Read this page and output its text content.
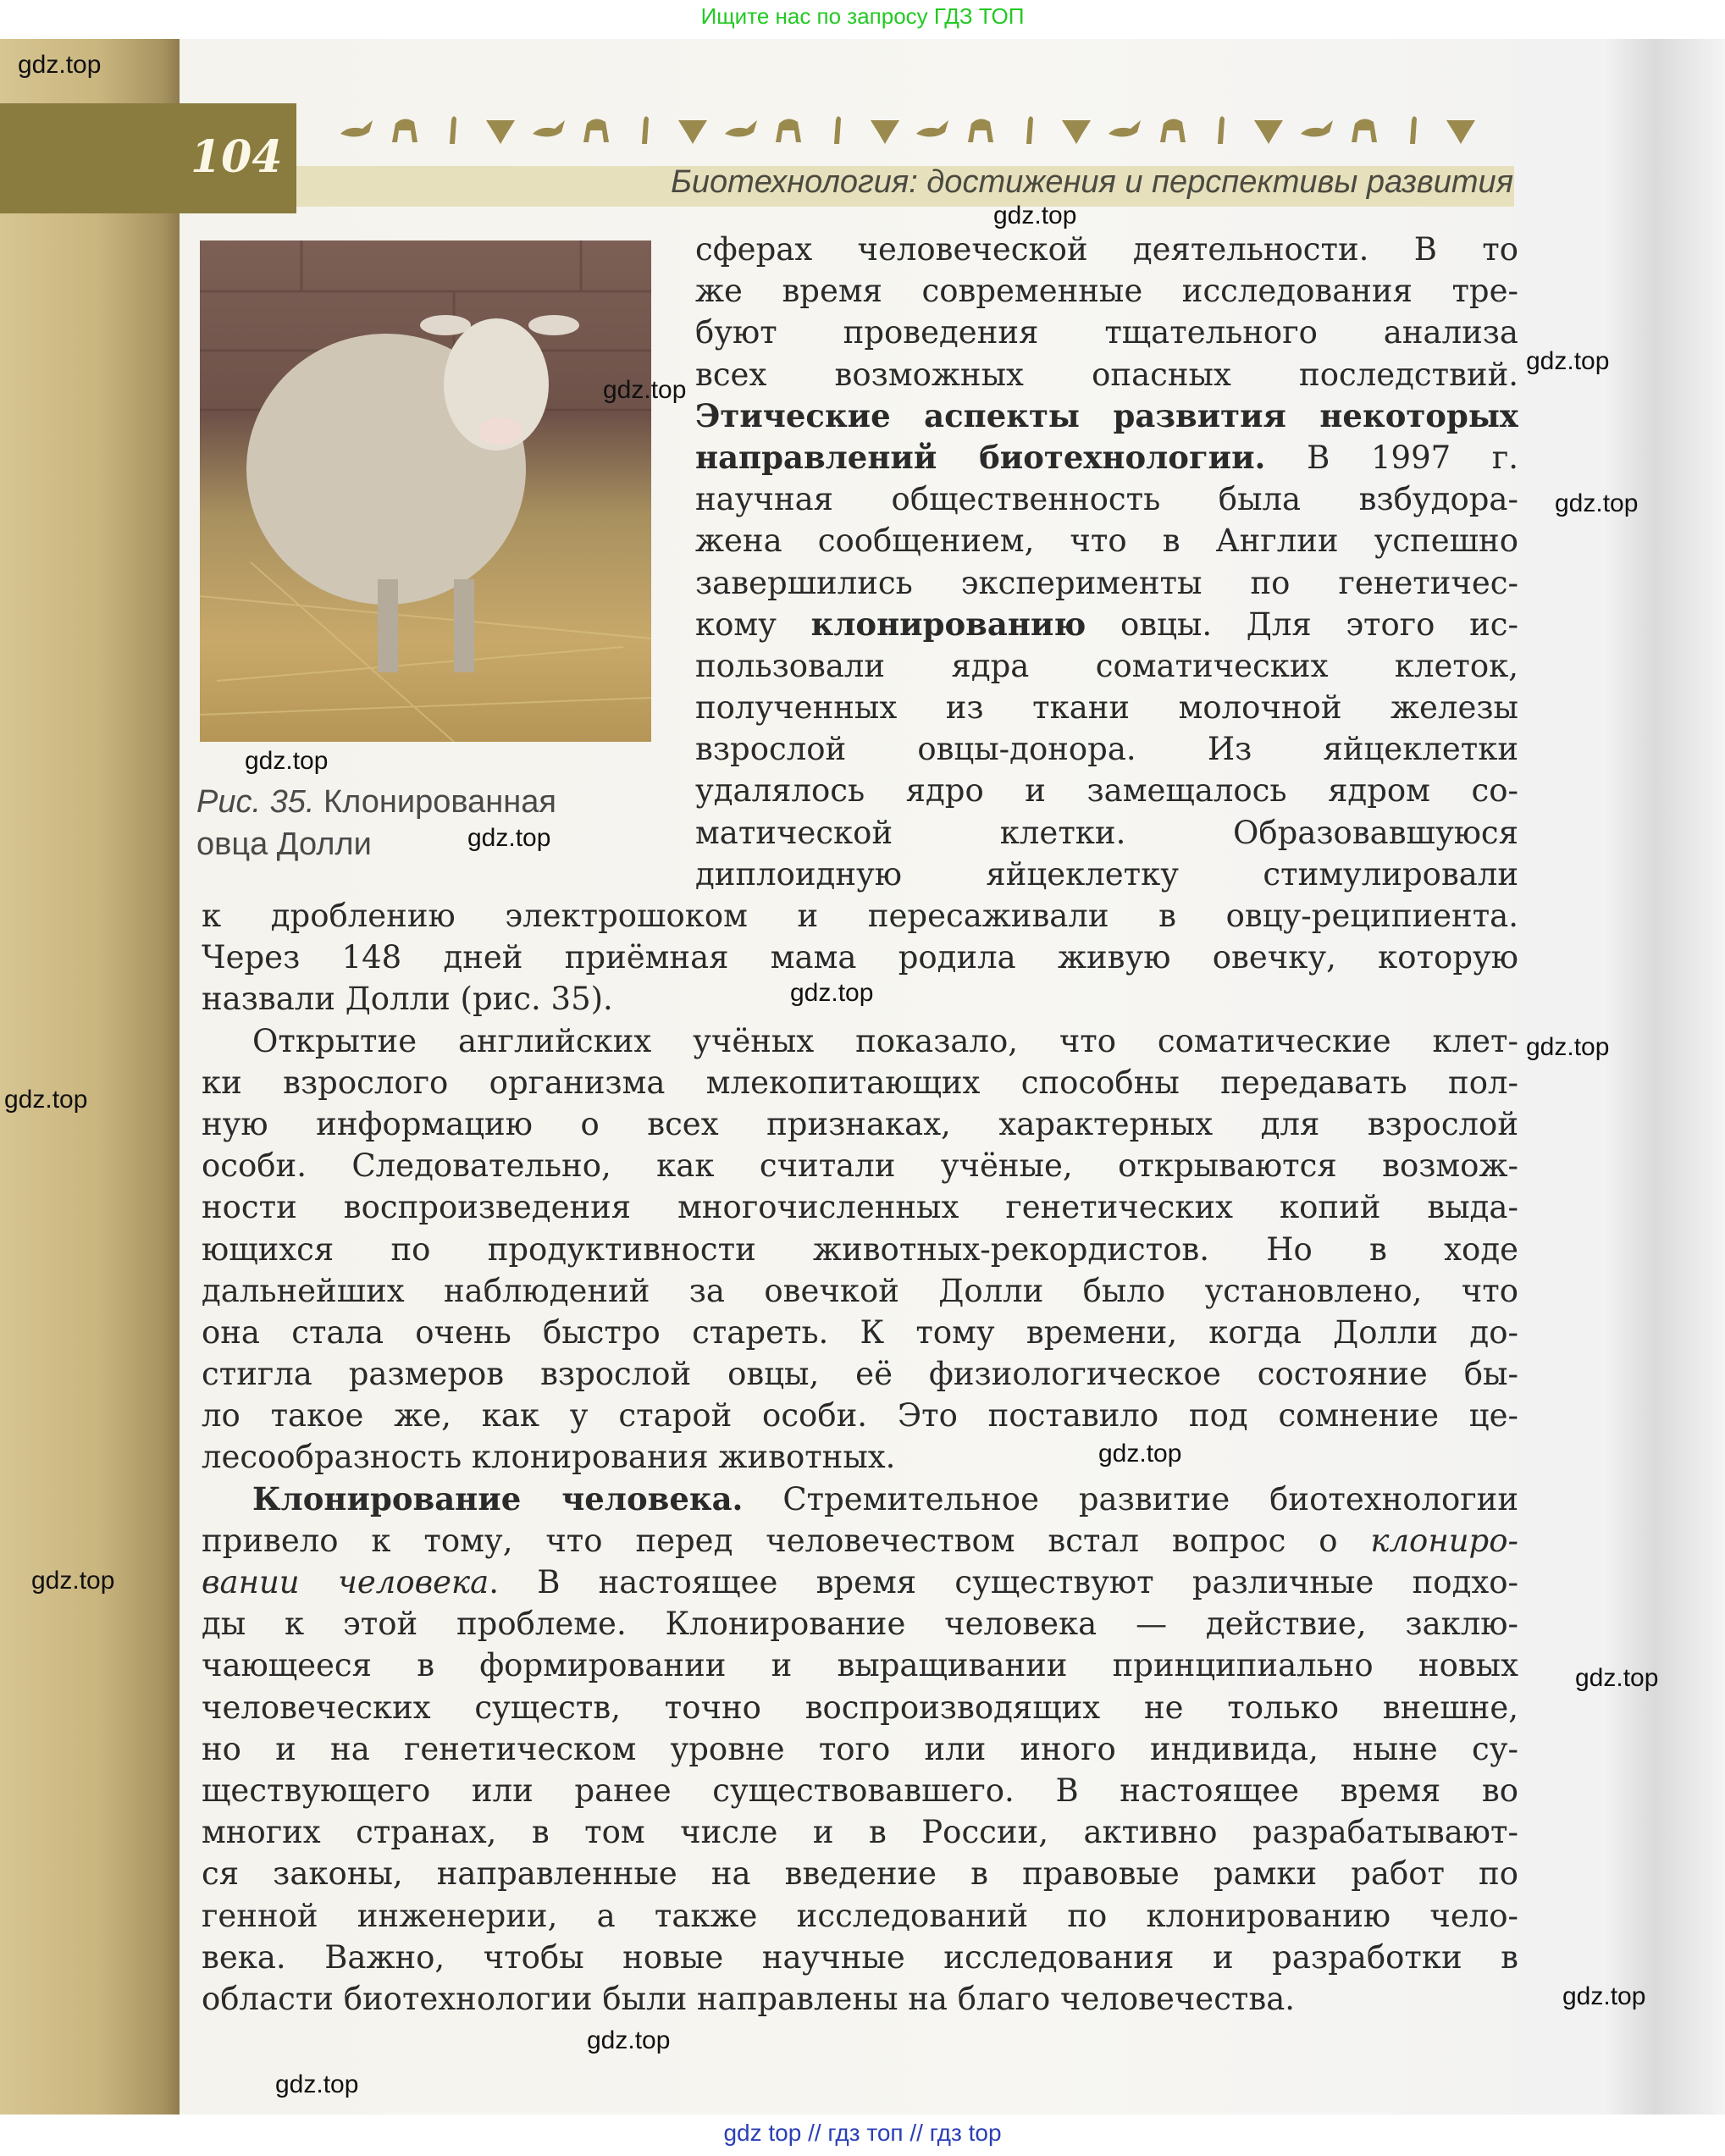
Ищите нас по запросу ГДЗ ТОП
104	Биотехнология: достижения и перспективы развития
Рис. 35. Клонированная
овца Долли
сферах человеческой деятельности. В то
же время современные исследования тре-
буют проведения тщательного анализа
всех возможных опасных последствий.
Этические аспекты развития некоторых
направлений биотехнологии. В 1997 г.
научная общественность была взбудора-
жена сообщением, что в Англии успешно
завершились эксперименты по генетичес-
кому клонированию овцы. Для этого ис-
пользовали ядра соматических клеток,
полученных из ткани молочной железы
взрослой овцы-донора. Из яйцеклетки
удалялось ядро и замещалось ядром со-
матической клетки. Образовавшуюся
диплоидную яйцеклетку стимулировали
к дроблению электрошоком и пересаживали в овцу-реципиента.
Через 148 дней приёмная мама родила живую овечку, которую
назвали Долли (рис. 35).
Открытие английских учёных показало, что соматические клет-
ки взрослого организма млекопитающих способны передавать пол-
ную информацию о всех признаках, характерных для взрослой
особи. Следовательно, как считали учёные, открываются возмож-
ности воспроизведения многочисленных генетических копий выда-
ющихся по продуктивности животных-рекордистов. Но в ходе
дальнейших наблюдений за овечкой Долли было установлено, что
она стала очень быстро стареть. К тому времени, когда Долли до-
стигла размеров взрослой овцы, её физиологическое состояние бы-
ло такое же, как у старой особи. Это поставило под сомнение це-
лесообразность клонирования животных.
Клонирование человека. Стремительное развитие биотехнологии
привело к тому, что перед человечеством встал вопрос о клониро-
вании человека. В настоящее время существуют различные подхо-
ды к этой проблеме. Клонирование человека — действие, заклю-
чающееся в формировании и выращивании принципиально новых
человеческих существ, точно воспроизводящих не только внешне,
но и на генетическом уровне того или иного индивида, ныне су-
ществующего или ранее существовавшего. В настоящее время во
многих странах, в том числе и в России, активно разрабатывают-
ся законы, направленные на введение в правовые рамки работ по
генной инженерии, а также исследований по клонированию чело-
века. Важно, чтобы новые научные исследования и разработки в
области биотехнологии были направлены на благо человечества.
gdz.top
gdz.top
gdz.top
gdz.top
gdz.top
gdz.top
gdz.top
gdz.top
gdz.top
gdz.top
gdz.top
gdz.top
gdz.top
gdz.top
gdz.top
gdz.top
gdz top // гдз топ // гдз top
